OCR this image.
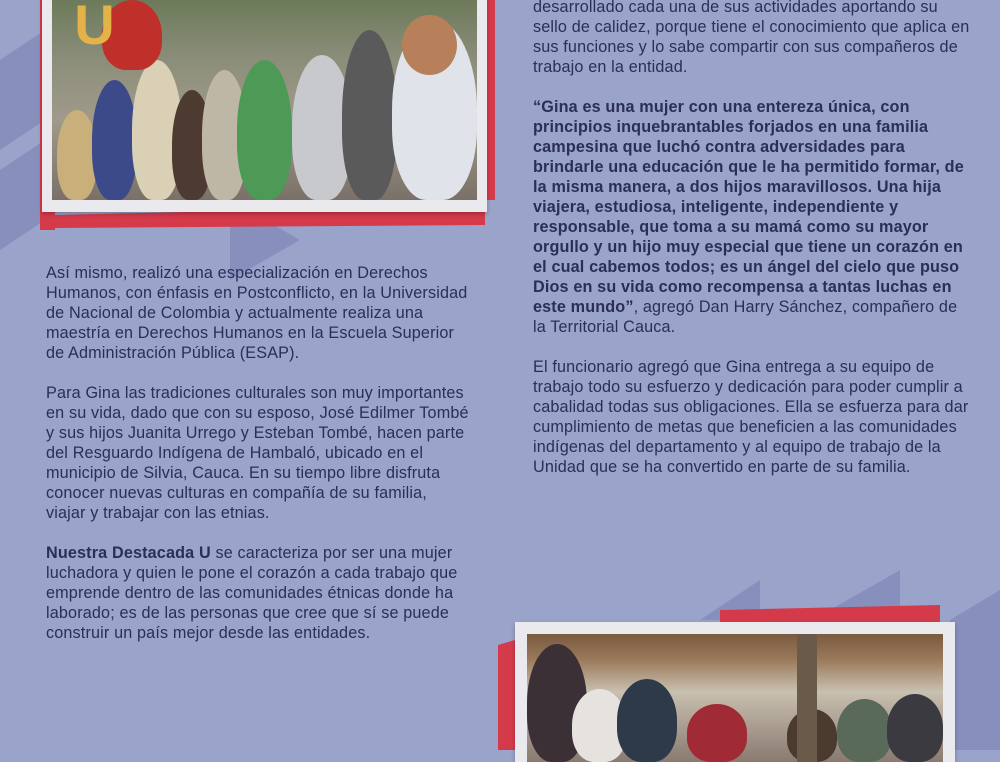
U	desarrollado cada una de sus actividades aportando su sello de calidez, porque tiene el conocimiento que aplica en sus funciones y lo sabe compartir con sus compañeros de trabajo en la entidad.

“Gina es una mujer con una entereza única, con principios inquebrantables forjados en una familia campesina que luchó contra adversidades para brindarle una educación que le ha permitido formar, de la misma manera, a dos hijos maravillosos. Una hija viajera, estudiosa, inteligente, independiente y responsable, que toma a su mamá como su mayor orgullo y un hijo muy especial que tiene un corazón en el cual cabemos todos; es un ángel del cielo que puso Dios en su vida como recompensa a tantas luchas en este mundo”, agregó Dan Harry Sánchez, compañero de la Territorial Cauca.

El funcionario agregó que Gina entrega a su equipo de trabajo todo su esfuerzo y dedicación para poder cumplir a cabalidad todas sus obligaciones. Ella se esfuerza para dar cumplimiento de metas que beneficien a las comunidades indígenas del departamento y al equipo de trabajo de la Unidad que se ha convertido en parte de su familia.

Así mismo, realizó una especialización en Derechos Humanos, con énfasis en Postconflicto, en la Universidad de Nacional de Colombia y actualmente realiza una maestría en Derechos Humanos en la Escuela Superior de Administración Pública (ESAP).

Para Gina las tradiciones culturales son muy importantes en su vida, dado que con su esposo, José Edilmer Tombé y sus hijos Juanita Urrego y Esteban Tombé, hacen parte del Resguardo Indígena de Hambaló, ubicado en el municipio de Silvia, Cauca. En su tiempo libre disfruta conocer nuevas culturas en compañía de su familia, viajar y trabajar con las etnias.

Nuestra Destacada U se caracteriza por ser una mujer luchadora y quien le pone el corazón a cada trabajo que emprende dentro de las comunidades étnicas donde ha laborado; es de las personas que cree que sí se puede construir un país mejor desde las entidades.
